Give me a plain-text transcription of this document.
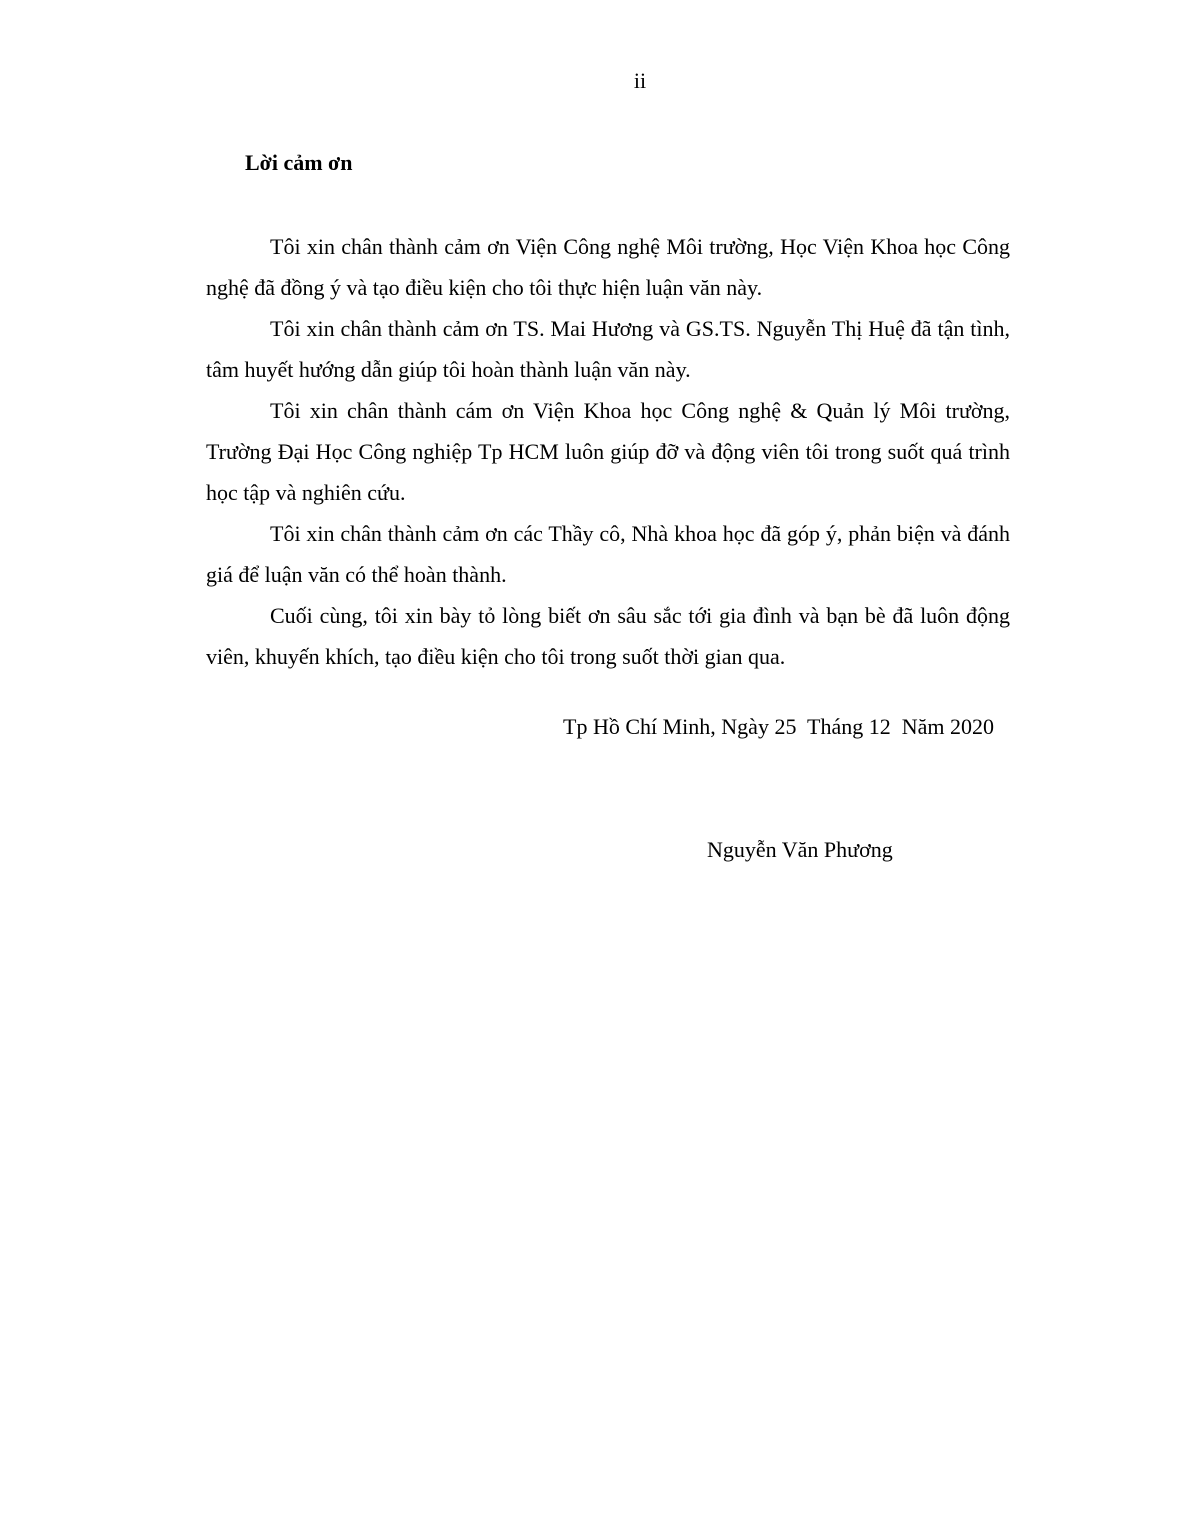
ii
Lời cảm ơn

Tôi xin chân thành cảm ơn Viện Công nghệ Môi trường, Học Viện Khoa học Công nghệ đã đồng ý và tạo điều kiện cho tôi thực hiện luận văn này.

Tôi xin chân thành cảm ơn TS. Mai Hương và GS.TS. Nguyễn Thị Huệ đã tận tình, tâm huyết hướng dẫn giúp tôi hoàn thành luận văn này.

Tôi xin chân thành cám ơn Viện Khoa học Công nghệ & Quản lý Môi trường, Trường Đại Học Công nghiệp Tp HCM luôn giúp đỡ và động viên tôi trong suốt quá trình học tập và nghiên cứu.

Tôi xin chân thành cảm ơn các Thầy cô, Nhà khoa học đã góp ý, phản biện và đánh giá để luận văn có thể hoàn thành.

Cuối cùng, tôi xin bày tỏ lòng biết ơn sâu sắc tới gia đình và bạn bè đã luôn động viên, khuyến khích, tạo điều kiện cho tôi trong suốt thời gian qua.

Tp Hồ Chí Minh, Ngày 25  Tháng 12  Năm 2020
Nguyễn Văn Phương
